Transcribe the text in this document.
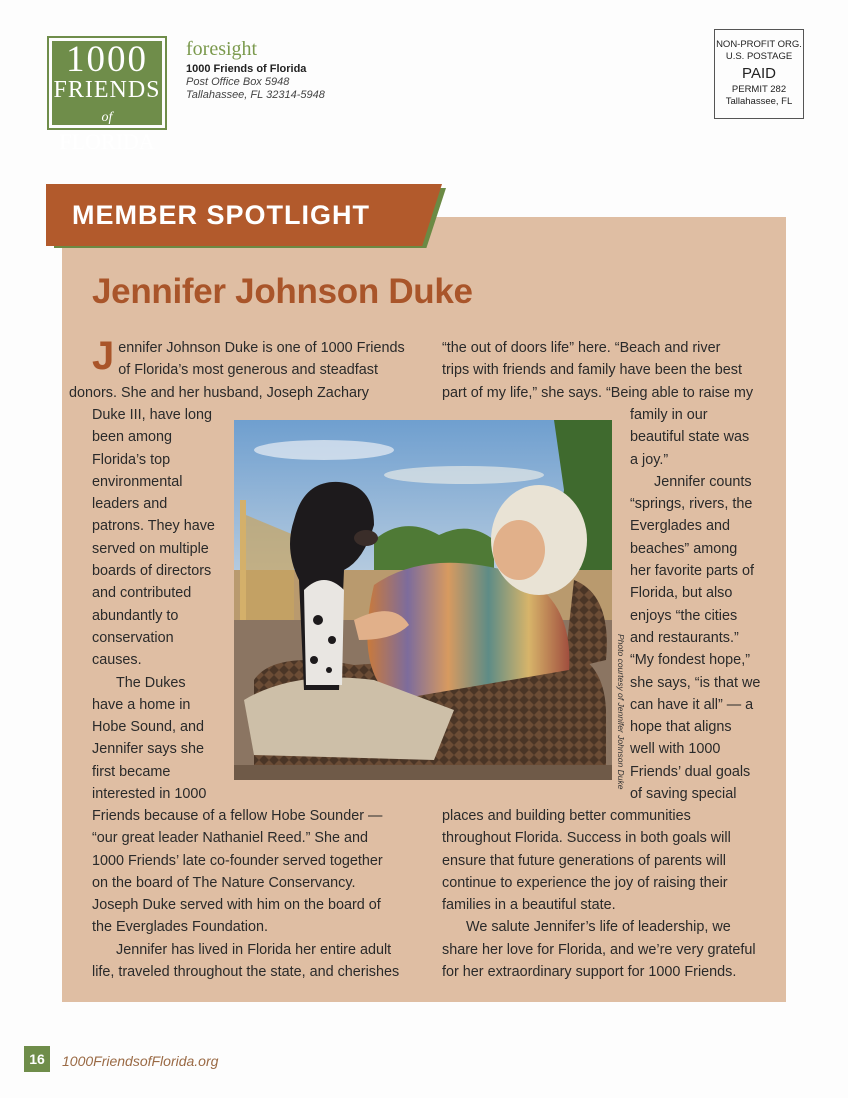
1000
FRIENDS
of FLORIDA
foresight
1000 Friends of Florida
Post Office Box 5948
Tallahassee, FL 32314-5948
NON-PROFIT ORG.
U.S. POSTAGE
PAID
PERMIT 282
Tallahassee, FL
MEMBER SPOTLIGHT
Jennifer Johnson Duke
J ennifer Johnson Duke is one of 1000 Friends

of Florida’s most generous and steadfast

donors. She and her husband, Joseph Zachary

Duke III, have long

been among

Florida’s top

environmental

leaders and

patrons. They have

served on multiple

boards of directors

and contributed

abundantly to

conservation

causes.

The Dukes

have a home in

Hobe Sound, and

Jennifer says she

first became

interested in 1000

Friends because of a fellow Hobe Sounder —

“our great leader Nathaniel Reed.” She and

1000 Friends’ late co-founder served together

on the board of The Nature Conservancy.

Joseph Duke served with him on the board of

the Everglades Foundation.

Jennifer has lived in Florida her entire adult

life, traveled throughout the state, and cherishes

“the out of doors life” here. “Beach and river

trips with friends and family have been the best

part of my life,” she says. “Being able to raise my

family in our

beautiful state was

a joy.”

Jennifer counts

“springs, rivers, the

Everglades and

beaches” among

her favorite parts of

Florida, but also

enjoys “the cities

and restaurants.”

“My fondest hope,”

she says, “is that we

can have it all” — a

hope that aligns

well with 1000

Friends’ dual goals

of saving special

places and building better communities

throughout Florida. Success in both goals will

ensure that future generations of parents will

continue to experience the joy of raising their

families in a beautiful state.

We salute Jennifer’s life of leadership, we

share her love for Florida, and we’re very grateful

for her extraordinary support for 1000 Friends.

Photo courtesy of Jennifer Johnson Duke
16	1000FriendsofFlorida.org
